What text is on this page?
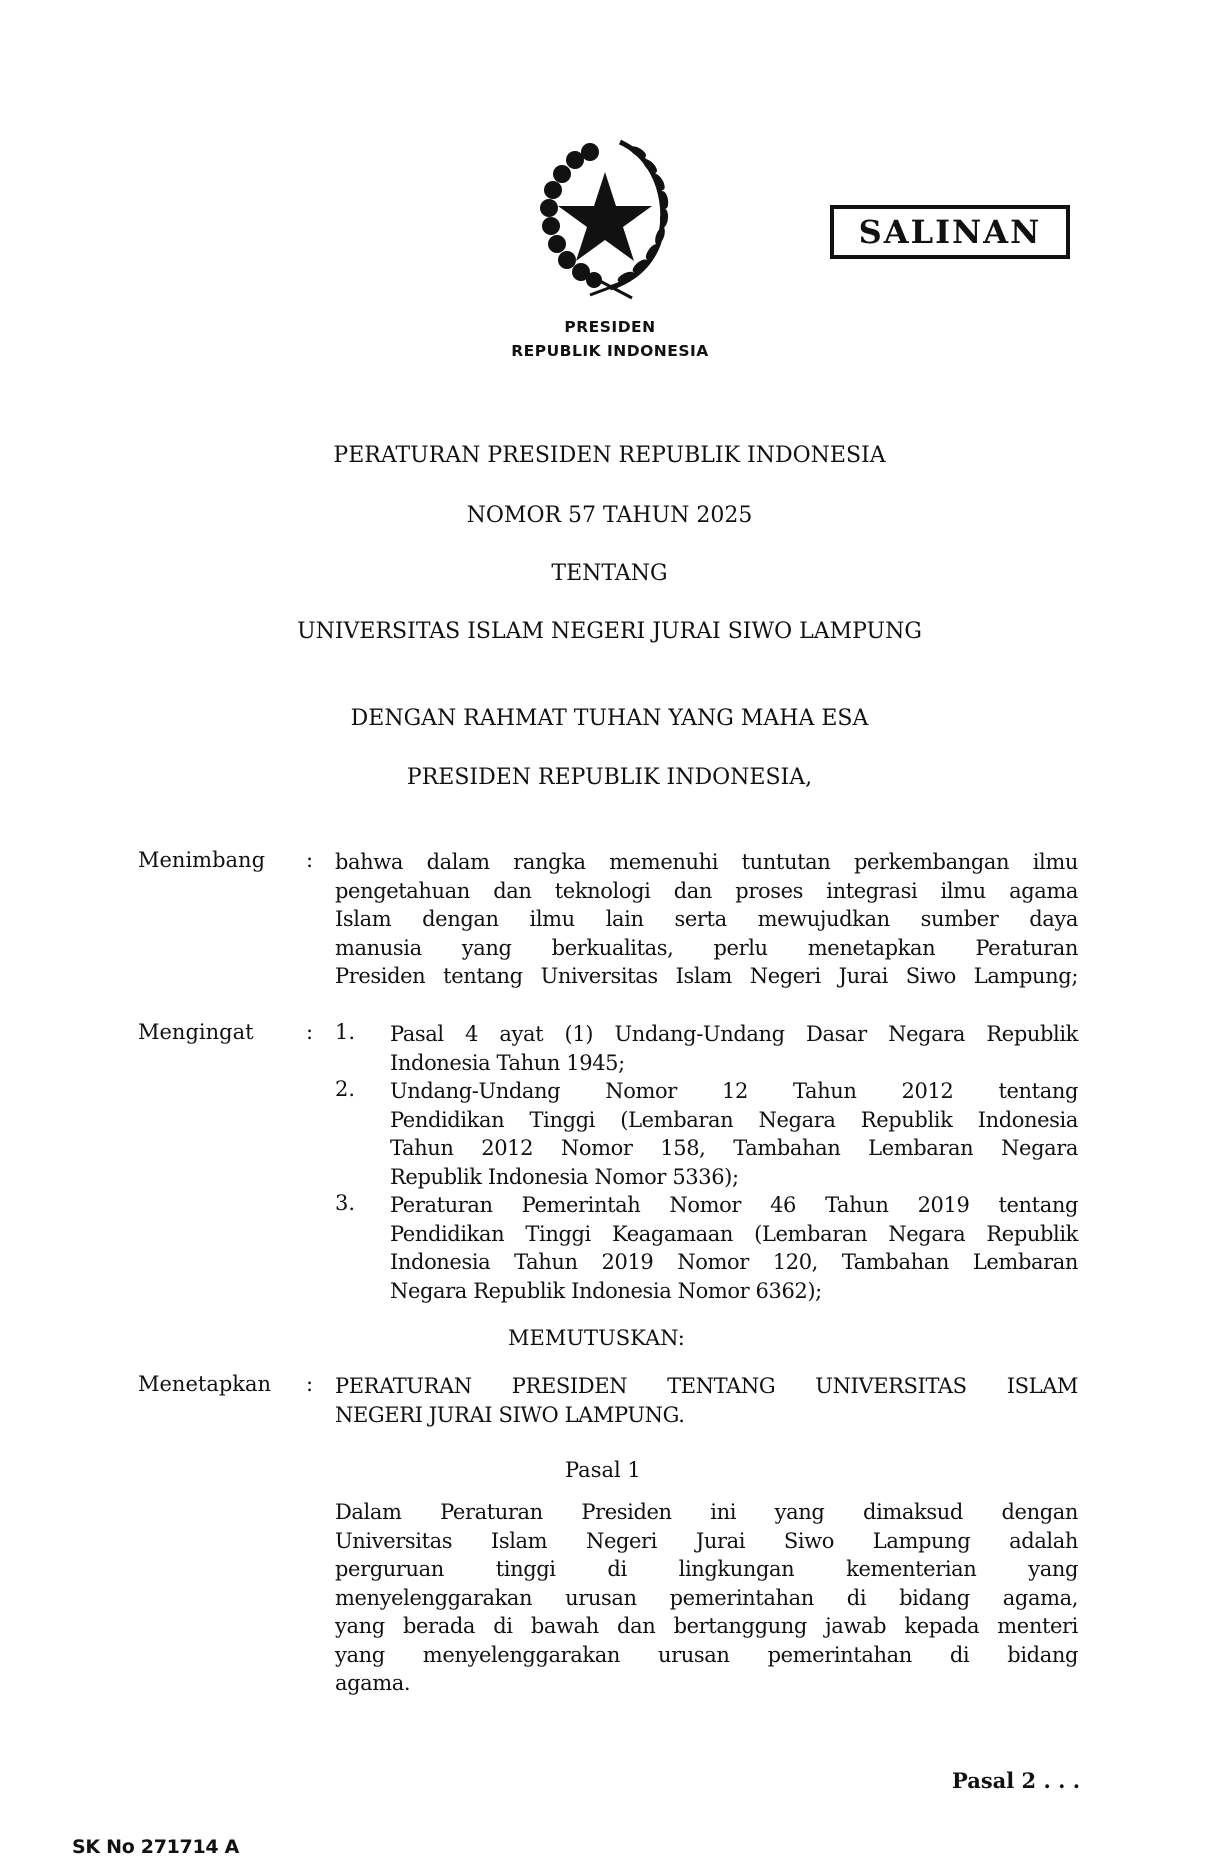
PRESIDEN
REPUBLIK INDONESIA
SALINAN
PERATURAN PRESIDEN REPUBLIK INDONESIA
NOMOR 57 TAHUN 2025
TENTANG
UNIVERSITAS ISLAM NEGERI JURAI SIWO LAMPUNG
DENGAN RAHMAT TUHAN YANG MAHA ESA
PRESIDEN REPUBLIK INDONESIA,
Menimbang : bahwa dalam rangka memenuhi tuntutan perkembangan ilmu
pengetahuan dan teknologi dan proses integrasi ilmu agama
Islam dengan ilmu lain serta mewujudkan sumber daya
manusia yang berkualitas, perlu menetapkan Peraturan
Presiden tentang Universitas Islam Negeri Jurai Siwo Lampung;
Mengingat : 1. Pasal 4 ayat (1) Undang-Undang Dasar Negara Republik
Indonesia Tahun 1945;
2. Undang-Undang Nomor 12 Tahun 2012 tentang
Pendidikan Tinggi (Lembaran Negara Republik Indonesia
Tahun 2012 Nomor 158, Tambahan Lembaran Negara
Republik Indonesia Nomor 5336);
3. Peraturan Pemerintah Nomor 46 Tahun 2019 tentang
Pendidikan Tinggi Keagamaan (Lembaran Negara Republik
Indonesia Tahun 2019 Nomor 120, Tambahan Lembaran
Negara Republik Indonesia Nomor 6362);
MEMUTUSKAN:
Menetapkan : PERATURAN PRESIDEN TENTANG UNIVERSITAS ISLAM
NEGERI JURAI SIWO LAMPUNG.
Pasal 1
Dalam Peraturan Presiden ini yang dimaksud dengan
Universitas Islam Negeri Jurai Siwo Lampung adalah
perguruan tinggi di lingkungan kementerian yang
menyelenggarakan urusan pemerintahan di bidang agama,
yang berada di bawah dan bertanggung jawab kepada menteri
yang menyelenggarakan urusan pemerintahan di bidang
agama.
Pasal 2 . . .
SK No 271714 A
